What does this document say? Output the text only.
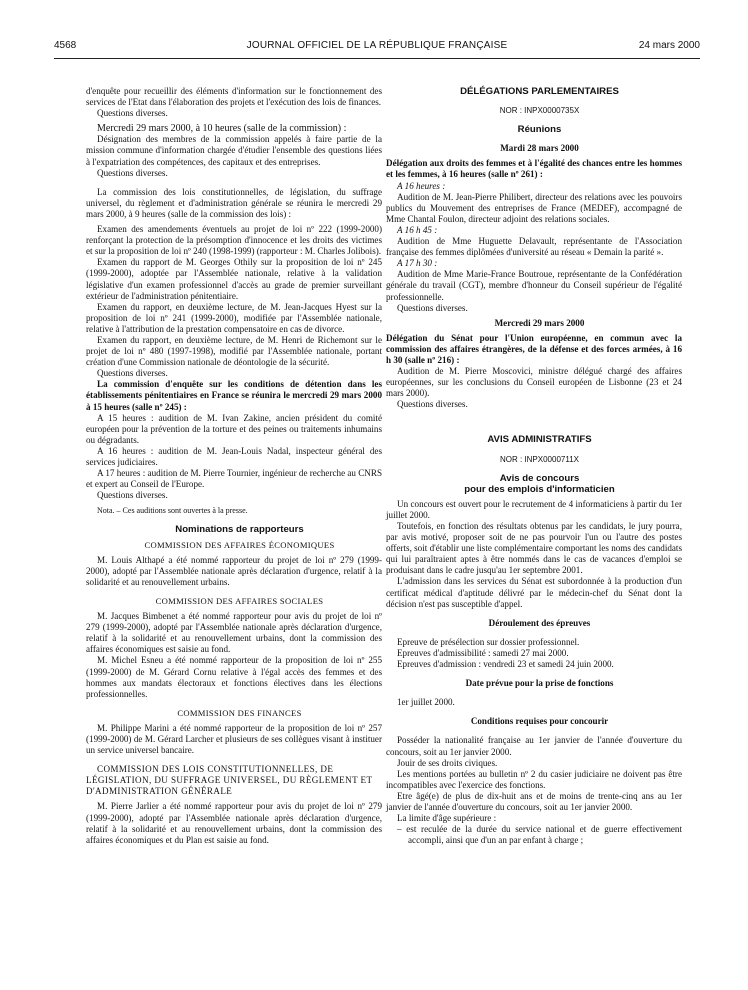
4568	JOURNAL OFFICIEL DE LA RÉPUBLIQUE FRANÇAISE	24 mars 2000

d'enquête pour recueillir des éléments d'information sur le fonctionnement des services de l'Etat dans l'élaboration des projets et l'exécution des lois de finances.

Questions diverses.

Mercredi 29 mars 2000, à 10 heures (salle de la commission) :

Désignation des membres de la commission appelés à faire partie de la mission commune d'information chargée d'étudier l'ensemble des questions liées à l'expatriation des compétences, des capitaux et des entreprises.

Questions diverses.

La commission des lois constitutionnelles, de législation, du suffrage universel, du règlement et d'administration générale se réunira le mercredi 29 mars 2000, à 9 heures (salle de la commission des lois) :

Examen des amendements éventuels au projet de loi nº 222 (1999-2000) renforçant la protection de la présomption d'innocence et les droits des victimes et sur la proposition de loi nº 240 (1998-1999) (rapporteur : M. Charles Jolibois).

Examen du rapport de M. Georges Othily sur la proposition de loi nº 245 (1999-2000), adoptée par l'Assemblée nationale, relative à la validation législative d'un examen professionnel d'accès au grade de premier surveillant extérieur de l'administration pénitentiaire.

Examen du rapport, en deuxième lecture, de M. Jean-Jacques Hyest sur la proposition de loi nº 241 (1999-2000), modifiée par l'Assemblée nationale, relative à l'attribution de la prestation compensatoire en cas de divorce.

Examen du rapport, en deuxième lecture, de M. Henri de Richemont sur le projet de loi nº 480 (1997-1998), modifié par l'Assemblée nationale, portant création d'une Commission nationale de déontologie de la sécurité.

Questions diverses.

La commission d'enquête sur les conditions de détention dans les établissements pénitentiaires en France se réunira le mercredi 29 mars 2000 à 15 heures (salle nº 245) :

A 15 heures : audition de M. Ivan Zakine, ancien président du comité européen pour la prévention de la torture et des peines ou traitements inhumains ou dégradants.

A 16 heures : audition de M. Jean-Louis Nadal, inspecteur général des services judiciaires.

A 17 heures : audition de M. Pierre Tournier, ingénieur de recherche au CNRS et expert au Conseil de l'Europe.

Questions diverses.

Nota. – Ces auditions sont ouvertes à la presse.

Nominations de rapporteurs

COMMISSION DES AFFAIRES ÉCONOMIQUES

M. Louis Althapé a été nommé rapporteur du projet de loi nº 279 (1999-2000), adopté par l'Assemblée nationale après déclaration d'urgence, relatif à la solidarité et au renouvellement urbains.

COMMISSION DES AFFAIRES SOCIALES

M. Jacques Bimbenet a été nommé rapporteur pour avis du projet de loi nº 279 (1999-2000), adopté par l'Assemblée nationale après déclaration d'urgence, relatif à la solidarité et au renouvellement urbains, dont la commission des affaires économiques est saisie au fond.

M. Michel Esneu a été nommé rapporteur de la proposition de loi nº 255 (1999-2000) de M. Gérard Cornu relative à l'égal accès des femmes et des hommes aux mandats électoraux et fonctions électives dans les élections professionnelles.

COMMISSION DES FINANCES

M. Philippe Marini a été nommé rapporteur de la proposition de loi nº 257 (1999-2000) de M. Gérard Larcher et plusieurs de ses collègues visant à instituer un service universel bancaire.

COMMISSION DES LOIS CONSTITUTIONNELLES, DE LÉGISLATION, DU SUFFRAGE UNIVERSEL, DU RÈGLEMENT ET D'ADMINISTRATION GÉNÉRALE

M. Pierre Jarlier a été nommé rapporteur pour avis du projet de loi nº 279 (1999-2000), adopté par l'Assemblée nationale après déclaration d'urgence, relatif à la solidarité et au renouvellement urbains, dont la commission des affaires économiques et du Plan est saisie au fond.

DÉLÉGATIONS PARLEMENTAIRES

NOR : INPX0000735X

Réunions

Mardi 28 mars 2000

Délégation aux droits des femmes et à l'égalité des chances entre les hommes et les femmes, à 16 heures (salle nº 261) :

A 16 heures :

Audition de M. Jean-Pierre Philibert, directeur des relations avec les pouvoirs publics du Mouvement des entreprises de France (MEDEF), accompagné de Mme Chantal Foulon, directeur adjoint des relations sociales.

A 16 h 45 :

Audition de Mme Huguette Delavault, représentante de l'Association française des femmes diplômées d'université au réseau « Demain la parité ».

A 17 h 30 :

Audition de Mme Marie-France Boutroue, représentante de la Confédération générale du travail (CGT), membre d'honneur du Conseil supérieur de l'égalité professionnelle.

Questions diverses.

Mercredi 29 mars 2000

Délégation du Sénat pour l'Union européenne, en commun avec la commission des affaires étrangères, de la défense et des forces armées, à 16 h 30 (salle nº 216) :

Audition de M. Pierre Moscovici, ministre délégué chargé des affaires européennes, sur les conclusions du Conseil européen de Lisbonne (23 et 24 mars 2000).

Questions diverses.

AVIS ADMINISTRATIFS

NOR : INPX0000711X

Avis de concours

pour des emplois d'informaticien

Un concours est ouvert pour le recrutement de 4 informaticiens à partir du 1er juillet 2000.

Toutefois, en fonction des résultats obtenus par les candidats, le jury pourra, par avis motivé, proposer soit de ne pas pourvoir l'un ou l'autre des postes offerts, soit d'établir une liste complémentaire comportant les noms des candidats qui lui paraîtraient aptes à être nommés dans le cas de vacances d'emploi se produisant dans le cadre jusqu'au 1er septembre 2001.

L'admission dans les services du Sénat est subordonnée à la production d'un certificat médical d'aptitude délivré par le médecin-chef du Sénat dont la décision n'est pas susceptible d'appel.

Déroulement des épreuves

Epreuve de présélection sur dossier professionnel.

Epreuves d'admissibilité : samedi 27 mai 2000.

Epreuves d'admission : vendredi 23 et samedi 24 juin 2000.

Date prévue pour la prise de fonctions

1er juillet 2000.

Conditions requises pour concourir

Posséder la nationalité française au 1er janvier de l'année d'ouverture du concours, soit au 1er janvier 2000.

Jouir de ses droits civiques.

Les mentions portées au bulletin nº 2 du casier judiciaire ne doivent pas être incompatibles avec l'exercice des fonctions.

Etre âgé(e) de plus de dix-huit ans et de moins de trente-cinq ans au 1er janvier de l'année d'ouverture du concours, soit au 1er janvier 2000.

La limite d'âge supérieure :

– est reculée de la durée du service national et de guerre effectivement accompli, ainsi que d'un an par enfant à charge ;
